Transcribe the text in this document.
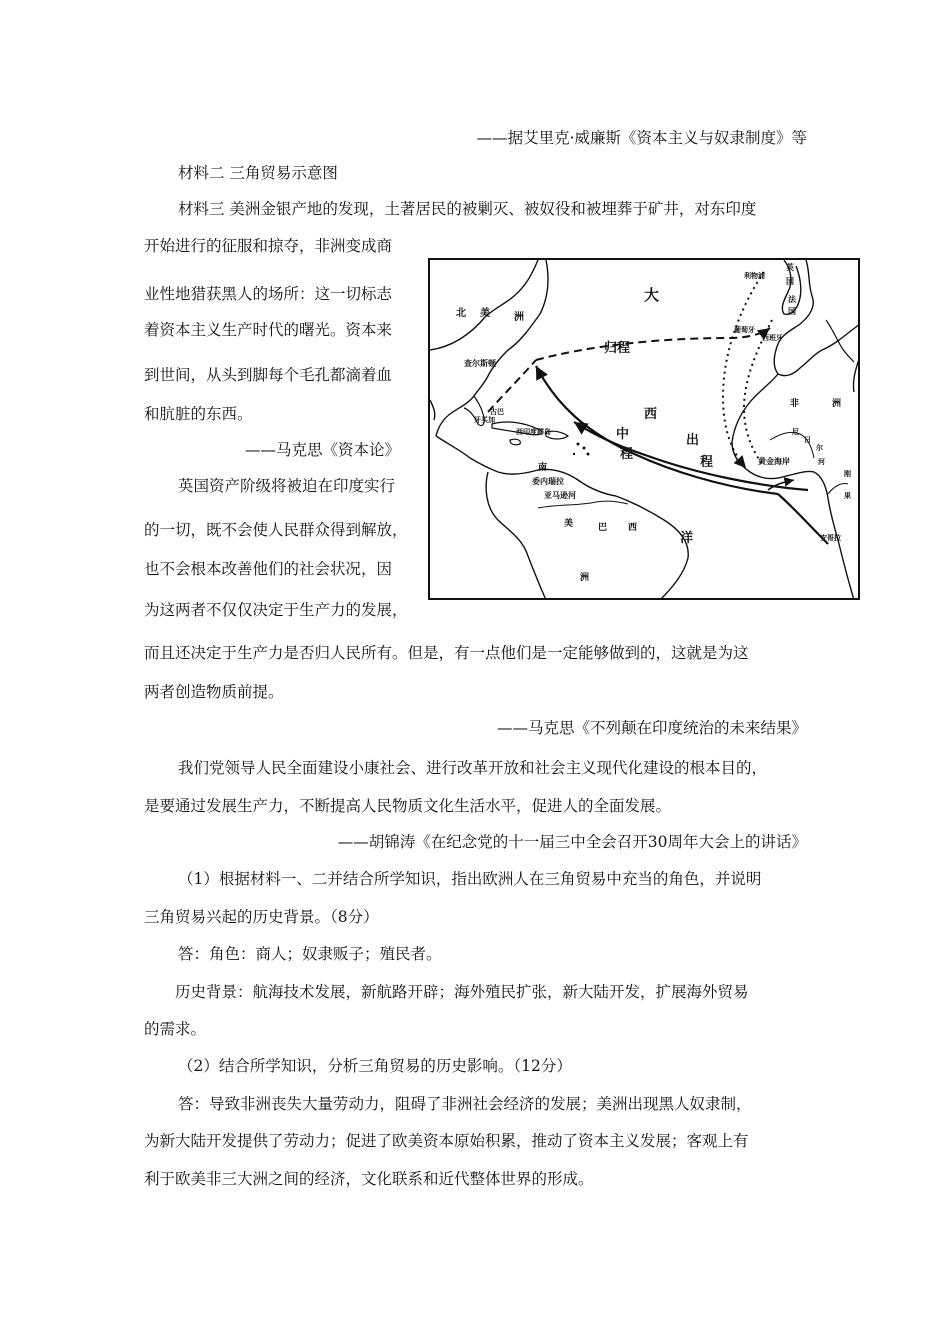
——据艾里克·威廉斯《资本主义与奴隶制度》等

材料二 三角贸易示意图

材料三 美洲金银产地的发现，土著居民的被剿灭、被奴役和被埋葬于矿井，对东印度

开始进行的征服和掠夺，非洲变成商

业性地猎获黑人的场所：这一切标志

着资本主义生产时代的曙光。资本来

到世间，从头到脚每个毛孔都滴着血

和肮脏的东西。

——马克思《资本论》

英国资产阶级将被迫在印度实行

的一切，既不会使人民群众得到解放，

也不会根本改善他们的社会状况，因

为这两者不仅仅决定于生产力的发展，

而且还决定于生产力是否归人民所有。但是，有一点他们是一定能够做到的，这就是为这

两者创造物质前提。

——马克思《不列颠在印度统治的未来结果》

我们党领导人民全面建设小康社会、进行改革开放和社会主义现代化建设的根本目的，

是要通过发展生产力，不断提高人民物质文化生活水平，促进人的全面发展。

——胡锦涛《在纪念党的十一届三中全会召开30周年大会上的讲话》

（1）根据材料一、二并结合所学知识，指出欧洲人在三角贸易中充当的角色，并说明

三角贸易兴起的历史背景。（8分）

答：角色：商人；奴隶贩子；殖民者。

历史背景：航海技术发展，新航路开辟；海外殖民扩张，新大陆开发，扩展海外贸易

的需求。

（2）结合所学知识，分析三角贸易的历史影响。（12分）

答：导致非洲丧失大量劳动力，阻碍了非洲社会经济的发展；美洲出现黑人奴隶制，

为新大陆开发提供了劳动力；促进了欧美资本原始积累，推动了资本主义发展；客观上有

利于欧美非三大洲之间的经济，文化联系和近代整体世界的形成。

北 美 洲
大
归程
查尔斯顿
西
中
程
出
程
古巴
牙买加
西印度群岛
南
委内瑞拉
亚马逊河
美	巴 西
洲
洋
英
利物浦
国
法
国
葡萄牙
西班牙
非	洲
尼
日
尔
河
黄金海岸
刚
果
安哥拉
